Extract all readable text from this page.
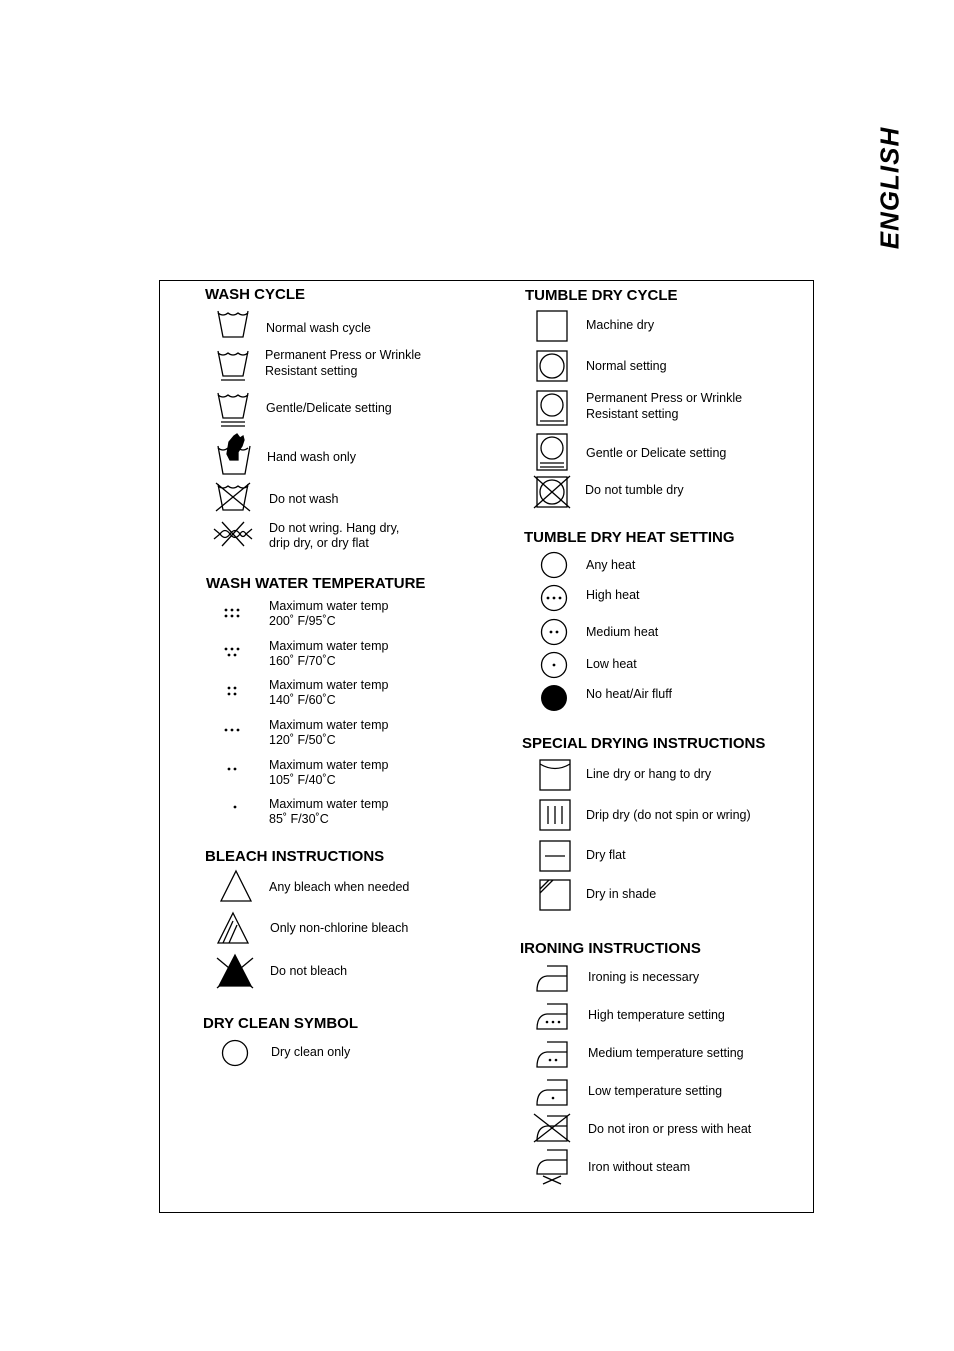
ENGLISH
WASH CYCLE
Normal wash cycle
Permanent Press or Wrinkle
Resistant setting
Gentle/Delicate setting
Hand wash only
Do not wash
Do not wring. Hang dry,
drip dry, or dry flat
WASH WATER TEMPERATURE
Maximum water temp
200˚ F/95˚C
Maximum water temp
160˚ F/70˚C
Maximum water temp
140˚ F/60˚C
Maximum water temp
120˚ F/50˚C
Maximum water temp
105˚ F/40˚C
Maximum water temp
85˚ F/30˚C
BLEACH INSTRUCTIONS
Any bleach when needed
Only non-chlorine bleach
Do not bleach
DRY CLEAN SYMBOL
Dry clean only
TUMBLE DRY CYCLE
Machine dry
Normal setting
Permanent Press or Wrinkle
Resistant setting
Gentle or Delicate setting
Do not tumble dry
TUMBLE DRY HEAT SETTING
Any heat
High heat
Medium heat
Low heat
No heat/Air fluff
SPECIAL DRYING INSTRUCTIONS
Line dry or hang to dry
Drip dry (do not spin or wring)
Dry flat
Dry in shade
IRONING INSTRUCTIONS
Ironing is necessary
High temperature setting
Medium temperature setting
Low temperature setting
Do not iron or press with heat
Iron without steam
